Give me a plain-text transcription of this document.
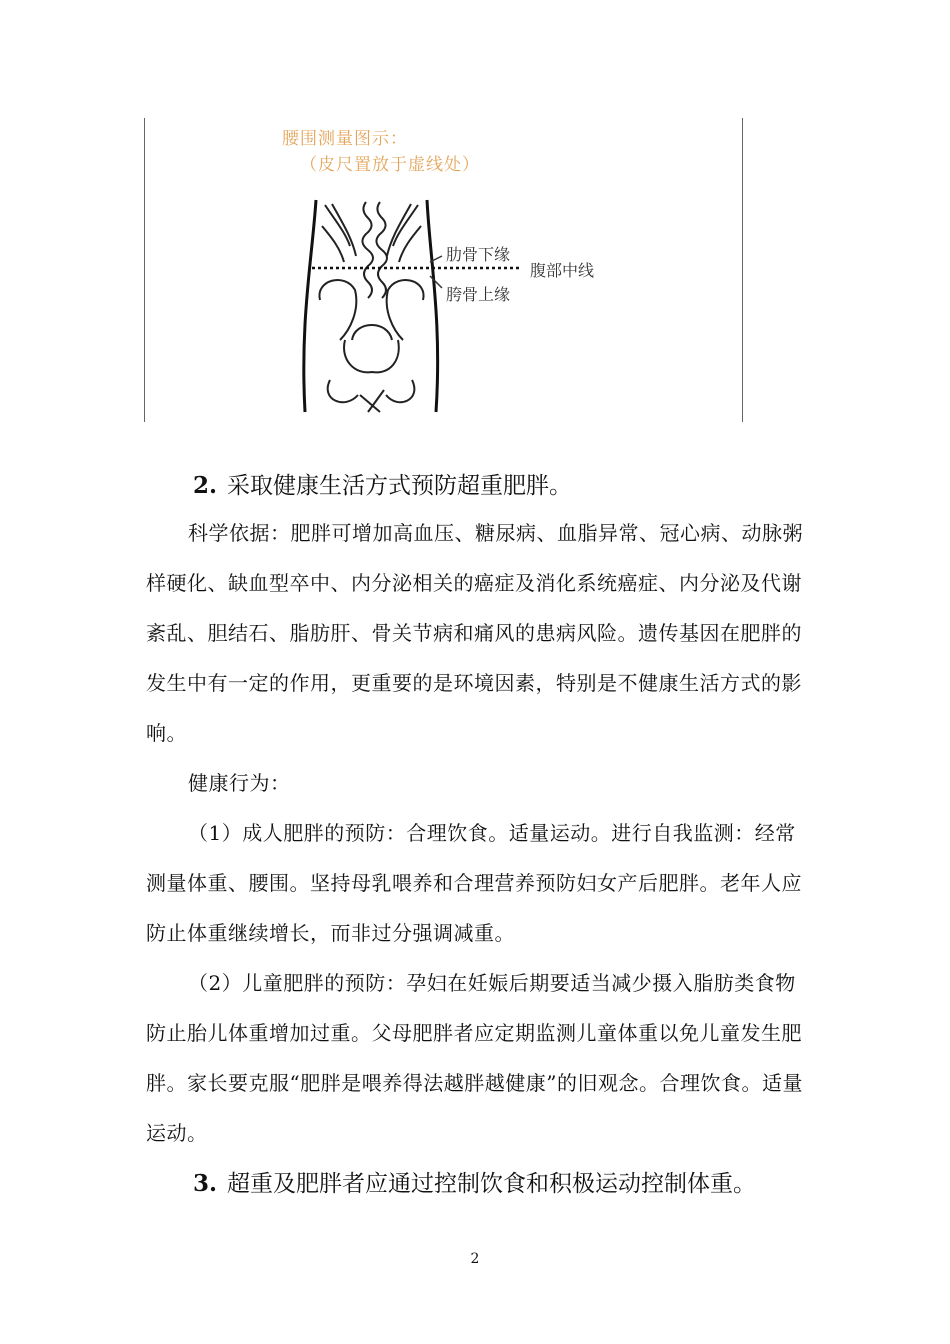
腰围测量图示：
（皮尺置放于虚线处）
肋骨下缘
腹部中线
胯骨上缘
2. 采取健康生活方式预防超重肥胖。

科学依据：肥胖可增加高血压、糖尿病、血脂异常、冠心病、动脉粥样硬化、缺血型卒中、内分泌相关的癌症及消化系统癌症、内分泌及代谢紊乱、胆结石、脂肪肝、骨关节病和痛风的患病风险。遗传基因在肥胖的发生中有一定的作用，更重要的是环境因素，特别是不健康生活方式的影响。

健康行为：

（1）成人肥胖的预防：合理饮食。适量运动。进行自我监测：经常测量体重、腰围。坚持母乳喂养和合理营养预防妇女产后肥胖。老年人应防止体重继续增长，而非过分强调减重。

（2）儿童肥胖的预防：孕妇在妊娠后期要适当减少摄入脂肪类食物防止胎儿体重增加过重。父母肥胖者应定期监测儿童体重以免儿童发生肥胖。家长要克服“肥胖是喂养得法越胖越健康”的旧观念。合理饮食。适量运动。

3. 超重及肥胖者应通过控制饮食和积极运动控制体重。
2
